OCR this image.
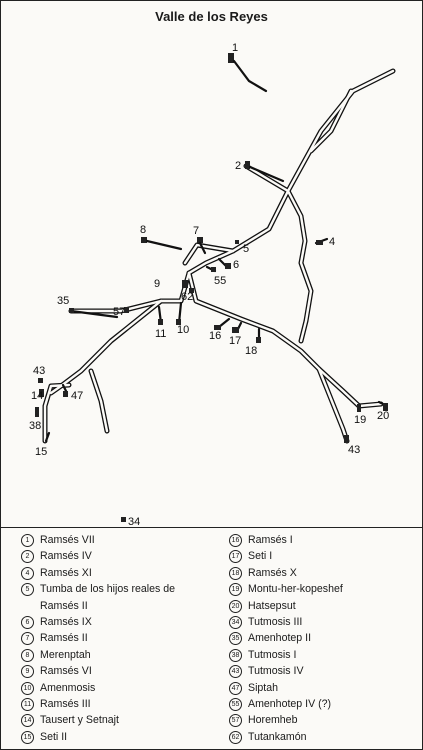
Valle de los Reyes
1
2
4
5
6
7
8
9
10
11
14
15
16 17
18
19 20
34
35
38
43
43
47
55
57
62
1 Ramsés VII
2 Ramsés IV
4 Ramsés XI
5 Tumba de los hijos reales de
Ramsés II
6 Ramsés IX
7 Ramsés II
8 Merenptah
9 Ramsés VI
10 Amenmosis
11 Ramsés III
14 Tausert y Setnajt
15 Seti II
16 Ramsés I
17 Seti I
18 Ramsés X
19 Montu-her-kopeshef
20 Hatsepsut
34 Tutmosis III
35 Amenhotep II
38 Tutmosis I
43 Tutmosis IV
47 Siptah
55 Amenhotep IV (?)
57 Horemheb
62 Tutankamón
